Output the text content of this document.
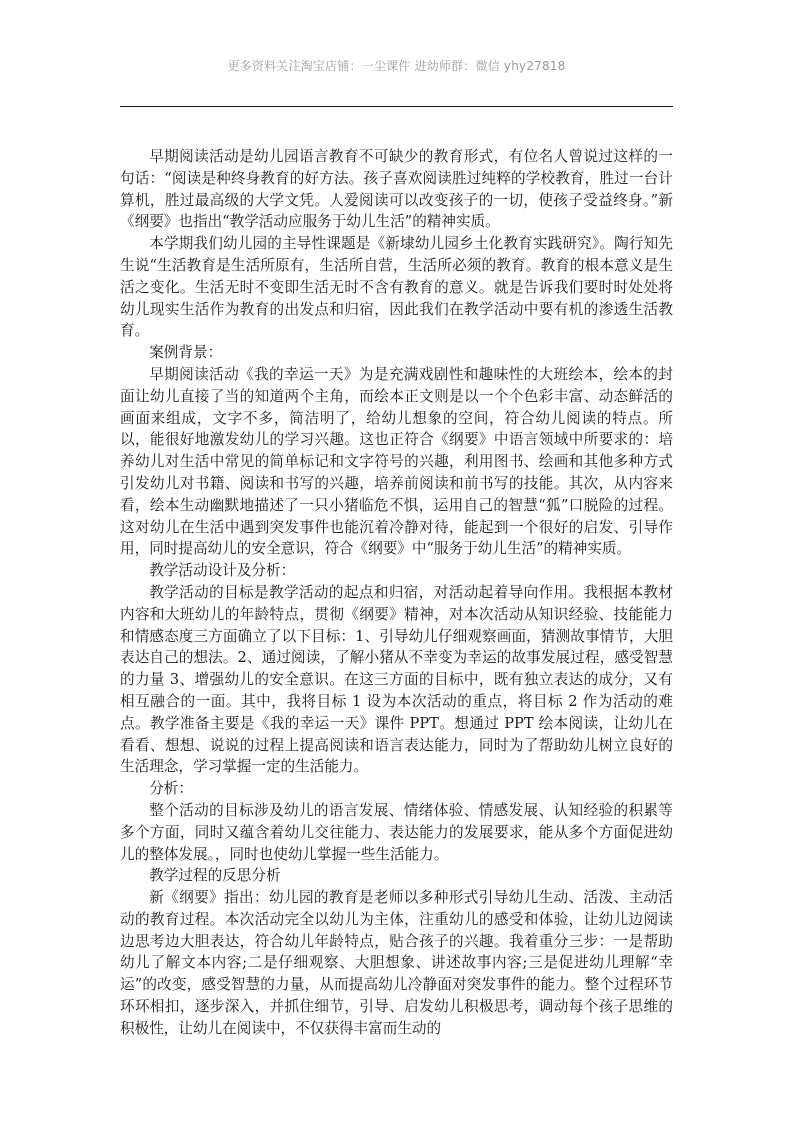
更多资料关注淘宝店铺：一尘课件 进幼师群：微信 yhy27818

早期阅读活动是幼儿园语言教育不可缺少的教育形式，有位名人曾说过这样的一句话：“阅读是种终身教育的好方法。孩子喜欢阅读胜过纯粹的学校教育，胜过一台计算机，胜过最高级的大学文凭。人爱阅读可以改变孩子的一切，使孩子受益终身。”新《纲要》也指出“教学活动应服务于幼儿生活”的精神实质。

本学期我们幼儿园的主导性课题是《新埭幼儿园乡土化教育实践研究》。陶行知先生说“生活教育是生活所原有，生活所自营，生活所必须的教育。教育的根本意义是生活之变化。生活无时不变即生活无时不含有教育的意义。就是告诉我们要时时处处将幼儿现实生活作为教育的出发点和归宿，因此我们在教学活动中要有机的渗透生活教育。

案例背景：

早期阅读活动《我的幸运一天》为是充满戏剧性和趣味性的大班绘本，绘本的封面让幼儿直接了当的知道两个主角，而绘本正文则是以一个个色彩丰富、动态鲜活的画面来组成，文字不多，简洁明了，给幼儿想象的空间，符合幼儿阅读的特点。所以，能很好地激发幼儿的学习兴趣。这也正符合《纲要》中语言领域中所要求的：培养幼儿对生活中常见的简单标记和文字符号的兴趣，利用图书、绘画和其他多种方式引发幼儿对书籍、阅读和书写的兴趣，培养前阅读和前书写的技能。其次，从内容来看，绘本生动幽默地描述了一只小猪临危不惧，运用自己的智慧“狐”口脱险的过程。这对幼儿在生活中遇到突发事件也能沉着冷静对待，能起到一个很好的启发、引导作用，同时提高幼儿的安全意识，符合《纲要》中“服务于幼儿生活”的精神实质。

教学活动设计及分析：

教学活动的目标是教学活动的起点和归宿，对活动起着导向作用。我根据本教材内容和大班幼儿的年龄特点，贯彻《纲要》精神，对本次活动从知识经验、技能能力和情感态度三方面确立了以下目标：1、引导幼儿仔细观察画面，猜测故事情节，大胆表达自己的想法。2、通过阅读，了解小猪从不幸变为幸运的故事发展过程，感受智慧的力量 3、增强幼儿的安全意识。在这三方面的目标中，既有独立表达的成分，又有相互融合的一面。其中，我将目标 1 设为本次活动的重点，将目标 2 作为活动的难点。教学准备主要是《我的幸运一天》课件 PPT。想通过 PPT 绘本阅读，让幼儿在看看、想想、说说的过程上提高阅读和语言表达能力，同时为了帮助幼儿树立良好的生活理念，学习掌握一定的生活能力。

分析：

整个活动的目标涉及幼儿的语言发展、情绪体验、情感发展、认知经验的积累等多个方面，同时又蕴含着幼儿交往能力、表达能力的发展要求，能从多个方面促进幼儿的整体发展。，同时也使幼儿掌握一些生活能力。

教学过程的反思分析

新《纲要》指出：幼儿园的教育是老师以多种形式引导幼儿生动、活泼、主动活动的教育过程。本次活动完全以幼儿为主体，注重幼儿的感受和体验，让幼儿边阅读边思考边大胆表达，符合幼儿年龄特点，贴合孩子的兴趣。我着重分三步：一是帮助幼儿了解文本内容;二是仔细观察、大胆想象、讲述故事内容;三是促进幼儿理解“幸运”的改变，感受智慧的力量，从而提高幼儿冷静面对突发事件的能力。整个过程环节环环相扣，逐步深入，并抓住细节，引导、启发幼儿积极思考，调动每个孩子思维的积极性，让幼儿在阅读中，不仅获得丰富而生动的
